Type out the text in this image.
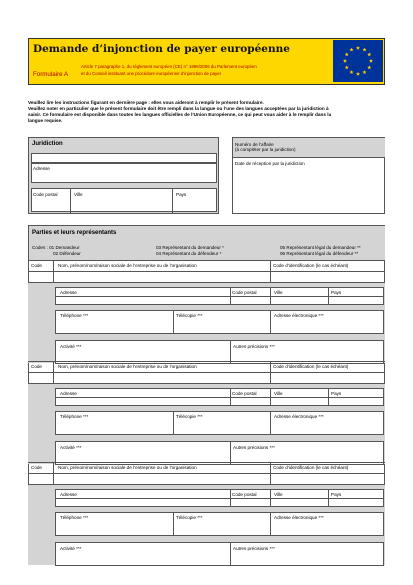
Demande d’injonction de payer européenne
Article 7 paragraphe 1, du règlement européen (CE) n° 1896/2006 du Parlement européen
Formulaire A	et du Conseil instituant une procédure européenne d’injonction de payer
Veuillez lire les instructions figurant en dernière page : elles vous aideront à remplir le présent formulaire.
Veuillez noter en particulier que le présent formulaire doit être rempli dans la langue ou l’une des langues acceptées par la juridiction à
saisir. Ce formulaire est disponible dans toutes les langues officielles de l’Union Européenne, ce qui peut vous aider à le remplir dans la
langue requise.
Juridiction
Adresse
Code postal	Ville	Pays
Numéro de l’affaire
(à compléter par la juridiction)
Date de réception par la juridiction
Parties et leurs représentants
Codes : 01 Demandeur
02 Défendeur
03 Représentant du demandeur *
04 Représentant du défendeur *
05 Représentant légal du demandeur **
06 Représentant légal du défendeur **
Code	Nom, prénom/nom/raison sociale de l’entreprise ou de l’organisation	Code d’identification (le cas échéant)
Adresse	Code postal	Ville	Pays
Téléphone ***	Télécopie ***	Adresse électronique ***
Activité ***	Autres précisions ***
Code	Nom, prénom/nom/raison sociale de l’entreprise ou de l’organisation	Code d’identification (le cas échéant)
Adresse	Code postal	Ville	Pays
Téléphone ***	Télécopie ***	Adresse électronique ***
Activité ***	Autres précisions ***
Code	Nom, prénom/nom/raison sociale de l’entreprise ou de l’organisation	Code d’identification (le cas échéant)
Adresse	Code postal	Ville	Pays
Téléphone ***	Télécopie ***	Adresse électronique ***
Activité ***	Autres précisions ***
